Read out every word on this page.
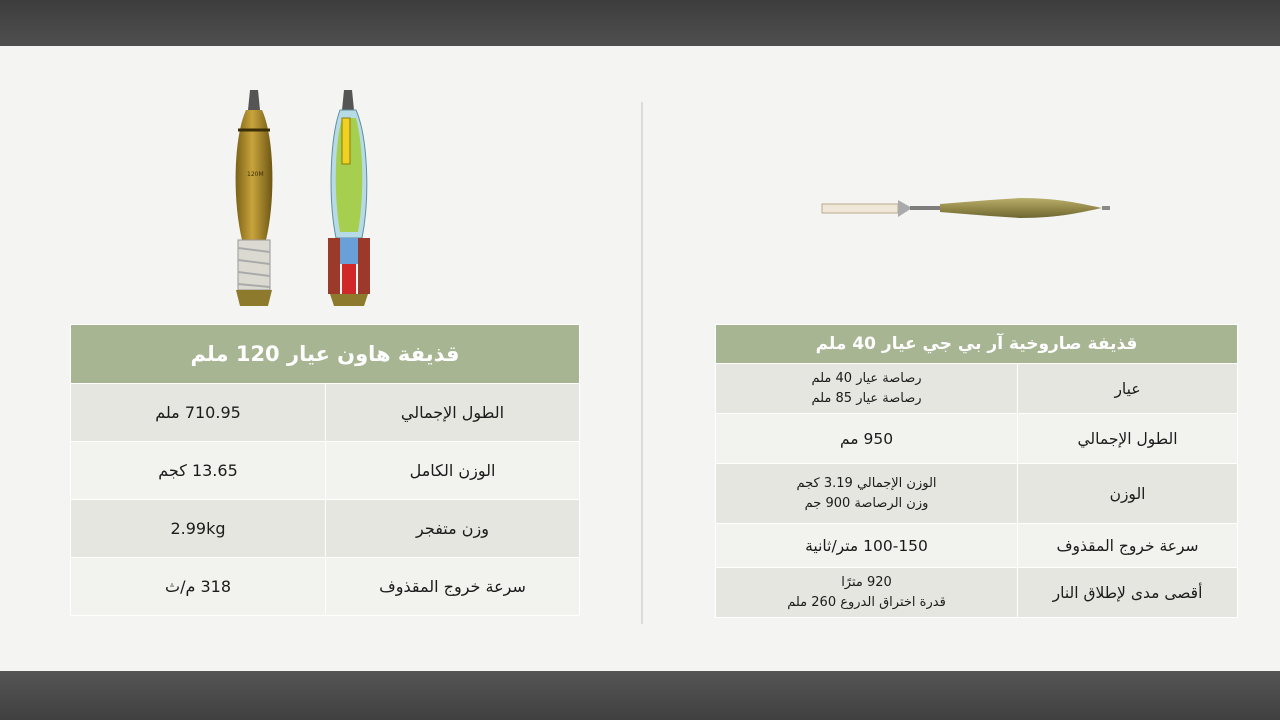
120M
قذيفة هاون عيار 120 ملم	
الطول الإجمالي	710.95 ملم
الوزن الكامل	13.65 كجم
وزن متفجر	2.99kg
سرعة خروج المقذوف	318 م/ث
قذيفة صاروخية آر بي جي عيار 40 ملم	
عيار	رصاصة عيار 40 ملم
رصاصة عيار 85 ملم

الطول الإجمالي	950 مم
الوزن	الوزن الإجمالي 3.19 كجم
وزن الرصاصة 900 جم

سرعة خروج المقذوف	100-150 متر/ثانية
أقصى مدى لإطلاق النار	920 مترًا
قدرة اختراق الدروع 260 ملم
